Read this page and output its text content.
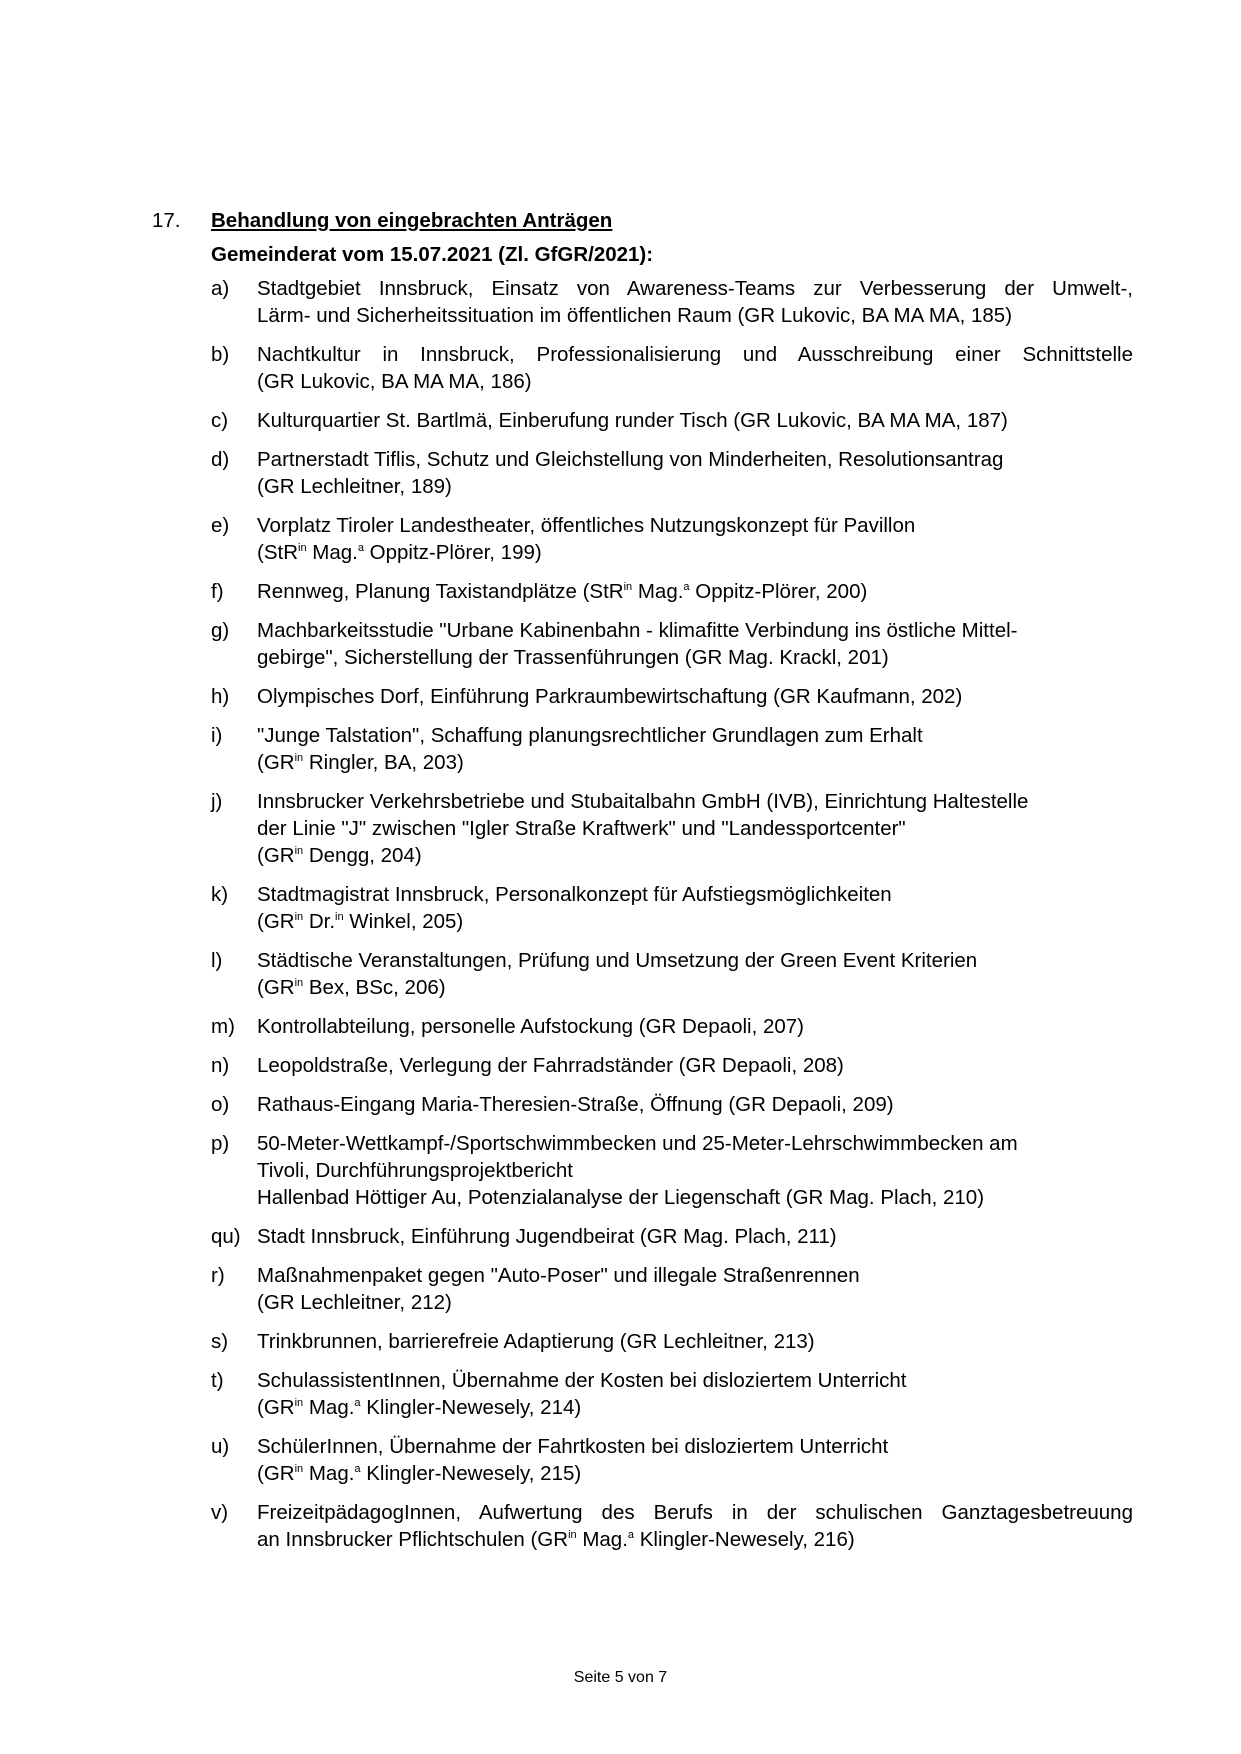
17. Behandlung von eingebrachten Anträgen
Gemeinderat vom 15.07.2021 (Zl. GfGR/2021):
a) Stadtgebiet Innsbruck, Einsatz von Awareness-Teams zur Verbesserung der Umwelt-,
Lärm- und Sicherheitssituation im öffentlichen Raum (GR Lukovic, BA MA MA, 185)
b) Nachtkultur in Innsbruck, Professionalisierung und Ausschreibung einer Schnittstelle
(GR Lukovic, BA MA MA, 186)
c) Kulturquartier St. Bartlmä, Einberufung runder Tisch (GR Lukovic, BA MA MA, 187)
d) Partnerstadt Tiflis, Schutz und Gleichstellung von Minderheiten, Resolutionsantrag
(GR Lechleitner, 189)
e) Vorplatz Tiroler Landestheater, öffentliches Nutzungskonzept für Pavillon
(StR$^{in}$ Mag.$^a$ Oppitz-Plörer, 199)
f) Rennweg, Planung Taxistandplätze (StR$^{in}$ Mag.$^a$ Oppitz-Plörer, 200)
g) Machbarkeitsstudie "Urbane Kabinenbahn - klimafitte Verbindung ins östliche Mittel-
gebirge", Sicherstellung der Trassenführungen (GR Mag. Krackl, 201)
h) Olympisches Dorf, Einführung Parkraumbewirtschaftung (GR Kaufmann, 202)
i) "Junge Talstation", Schaffung planungsrechtlicher Grundlagen zum Erhalt
($GR^{in}$ Ringler, BA, 203)
j) Innsbrucker Verkehrsbetriebe und Stubaitalbahn GmbH (IVB), Einrichtung Haltestelle
der Linie "J" zwischen "Igler Straße Kraftwerk" und "Landessportcenter"
($GR^{in}$ Dengg, 204)
k) Stadtmagistrat Innsbruck, Personalkonzept für Aufstiegsmöglichkeiten
($GR^{in}$ Dr.$^{in}$ Winkel, 205)
l) Städtische Veranstaltungen, Prüfung und Umsetzung der Green Event Kriterien
($GR^{in}$ Bex, BSc, 206)
m) Kontrollabteilung, personelle Aufstockung (GR Depaoli, 207)
n) Leopoldstraße, Verlegung der Fahrradständer (GR Depaoli, 208)
o) Rathaus-Eingang Maria-Theresien-Straße, Öffnung (GR Depaoli, 209)
p) 50-Meter-Wettkampf-/Sportschwimmbecken und 25-Meter-Lehrschwimmbecken am
Tivoli, Durchführungsprojektbericht
Hallenbad Höttiger Au, Potenzialanalyse der Liegenschaft (GR Mag. Plach, 210)
qu) Stadt Innsbruck, Einführung Jugendbeirat (GR Mag. Plach, 211)
r) Maßnahmenpaket gegen "Auto-Poser" und illegale Straßenrennen
(GR Lechleitner, 212)
s) Trinkbrunnen, barrierefreie Adaptierung (GR Lechleitner, 213)
t) SchulassistentInnen, Übernahme der Kosten bei disloziertem Unterricht
($GR^{in}$ Mag.$^a$ Klingler-Newesely, 214)
u) SchülerInnen, Übernahme der Fahrtkosten bei disloziertem Unterricht
($GR^{in}$ Mag.$^a$ Klingler-Newesely, 215)
v) FreizeitpädagogInnen, Aufwertung des Berufs in der schulischen Ganztagesbetreuung
an Innsbrucker Pflichtschulen ($GR^{in}$ Mag.$^a$ Klingler-Newesely, 216)
Seite 5 von 7
